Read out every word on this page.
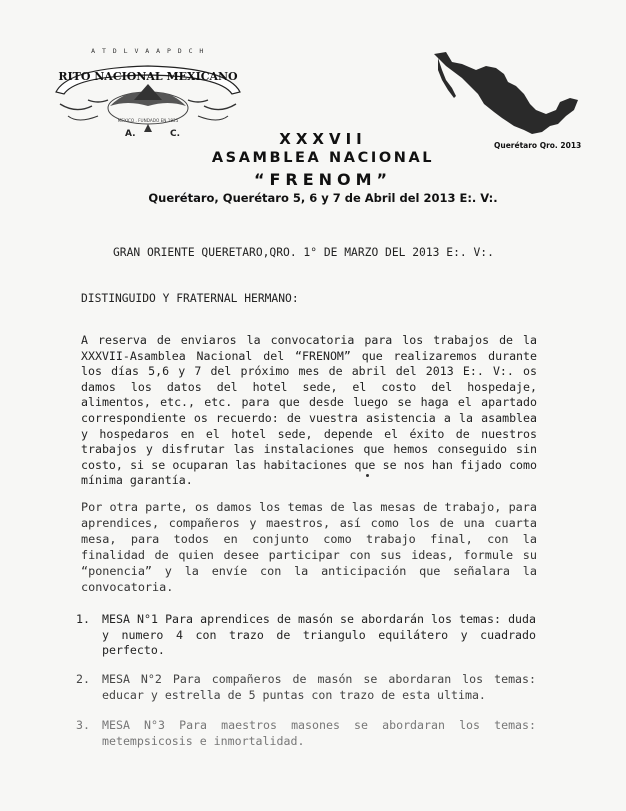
A T D L V A A P D C H
RITO NACIONAL MEXICANO
MEXICO . FUNDADO EN 1825
A.	C.
Querétaro Qro. 2013
XXXVII
ASAMBLEA NACIONAL
“FRENOM”
Querétaro, Querétaro 5, 6 y 7 de Abril del 2013 E:. V:.
GRAN ORIENTE QUERETARO,QRO. 1° DE MARZO DEL 2013 E:. V:.
DISTINGUIDO Y FRATERNAL HERMANO:
A reserva de enviaros la convocatoria para los trabajos de la XXXVII-Asamblea Nacional del “FRENOM” que realizaremos durante los días 5,6 y 7 del próximo mes de abril del 2013 E:. V:. os damos los datos del hotel sede, el costo del hospedaje, alimentos, etc., etc. para que desde luego se haga el apartado correspondiente os recuerdo: de vuestra asistencia a la asamblea y hospedaros en el hotel sede, depende el éxito de nuestros trabajos y disfrutar las instalaciones que hemos conseguido sin costo, si se ocuparan las habitaciones que se nos han fijado como mínima garantía.
Por otra parte, os damos los temas de las mesas de trabajo, para aprendices, compañeros y maestros, así como los de una cuarta mesa, para todos en conjunto como trabajo final, con la finalidad de quien desee participar con sus ideas, formule su “ponencia” y la envíe con la anticipación que señalara la convocatoria.
1. MESA N°1 Para aprendices de masón se abordarán los temas: duda y numero 4 con trazo de triangulo equilátero y cuadrado perfecto.
2. MESA N°2 Para compañeros de masón se abordaran los temas: educar y estrella de 5 puntas con trazo de esta ultima.
3. MESA N°3 Para maestros masones se abordaran los temas: metempsicosis e inmortalidad.
